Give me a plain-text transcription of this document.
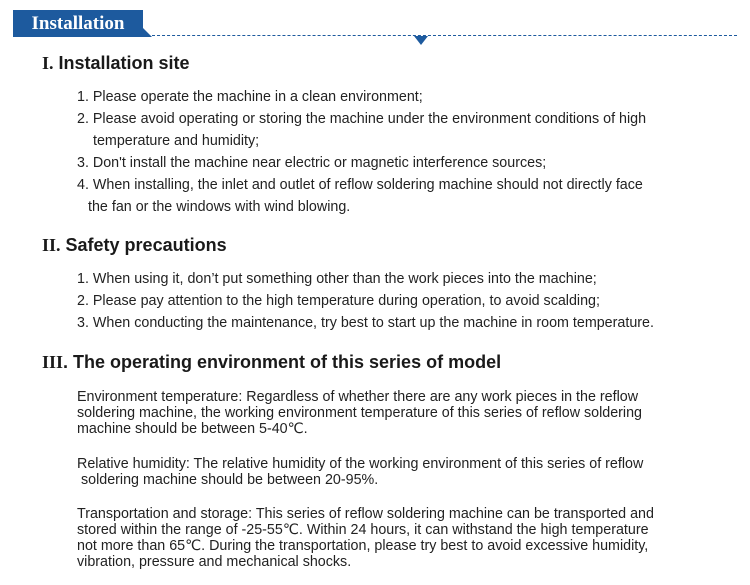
Installation
I. Installation site
1. Please operate the machine in a clean environment;
2. Please avoid operating or storing the machine under the environment conditions of high
temperature and humidity;
3. Don't install the machine near electric or magnetic interference sources;
4. When installing, the inlet and outlet of reflow soldering machine should not directly face
the fan or the windows with wind blowing.
II. Safety precautions
1. When using it, don’t put something other than the work pieces into the machine;
2. Please pay attention to the high temperature during operation, to avoid scalding;
3. When conducting the maintenance, try best to start up the machine in room temperature.
III. The operating environment of this series of model
Environment temperature: Regardless of whether there are any work pieces in the reflow
soldering machine, the working environment temperature of this series of reflow soldering
machine should be between 5-40℃.
Relative humidity: The relative humidity of the working environment of this series of reflow
soldering machine should be between 20-95%.
Transportation and storage: This series of reflow soldering machine can be transported and
stored within the range of -25-55℃. Within 24 hours, it can withstand the high temperature
not more than 65℃. During the transportation, please try best to avoid excessive humidity,
vibration, pressure and mechanical shocks.
